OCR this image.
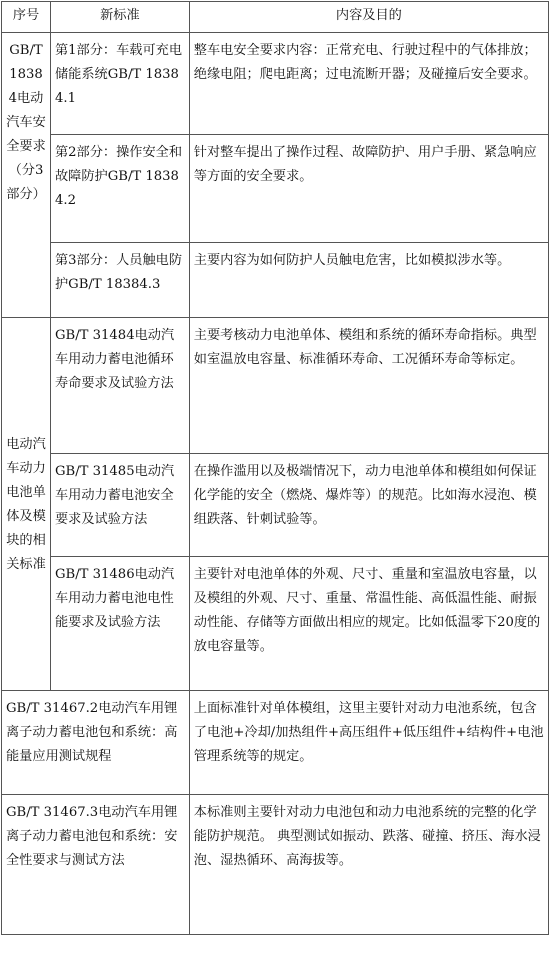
序号	新标准	内容及目的
GB/T 18384电动汽车安全要求（分3部分）	第1部分：车载可充电储能系统GB/T 18384.1	整车电安全要求内容：正常充电、行驶过程中的气体排放；绝缘电阻；爬电距离；过电流断开器；及碰撞后安全要求。
	第2部分：操作安全和故障防护GB/T 18384.2	针对整车提出了操作过程、故障防护、用户手册、紧急响应等方面的安全要求。
	第3部分：人员触电防护GB/T 18384.3	主要内容为如何防护人员触电危害，比如模拟涉水等。
电动汽车动力电池单体及模块的相关标准	GB/T 31484电动汽车用动力蓄电池循环寿命要求及试验方法	主要考核动力电池单体、模组和系统的循环寿命指标。典型如室温放电容量、标准循环寿命、工况循环寿命等标定。
	GB/T 31485电动汽车用动力蓄电池安全要求及试验方法	在操作滥用以及极端情况下，动力电池单体和模组如何保证化学能的安全（燃烧、爆炸等）的规范。比如海水浸泡、模组跌落、针刺试验等。
	GB/T 31486电动汽车用动力蓄电池电性能要求及试验方法	主要针对电池单体的外观、尺寸、重量和室温放电容量，以及模组的外观、尺寸、重量、常温性能、高低温性能、耐振动性能、存储等方面做出相应的规定。比如低温零下20度的放电容量等。
GB/T 31467.2电动汽车用锂离子动力蓄电池包和系统：高能量应用测试规程		上面标准针对单体模组，这里主要针对动力电池系统，包含了电池+冷却/加热组件+高压组件+低压组件+结构件+电池管理系统等的规定。
GB/T 31467.3电动汽车用锂离子动力蓄电池包和系统：安全性要求与测试方法		本标准则主要针对动力电池包和动力电池系统的完整的化学能防护规范。 典型测试如振动、跌落、碰撞、挤压、海水浸泡、湿热循环、高海拔等。
